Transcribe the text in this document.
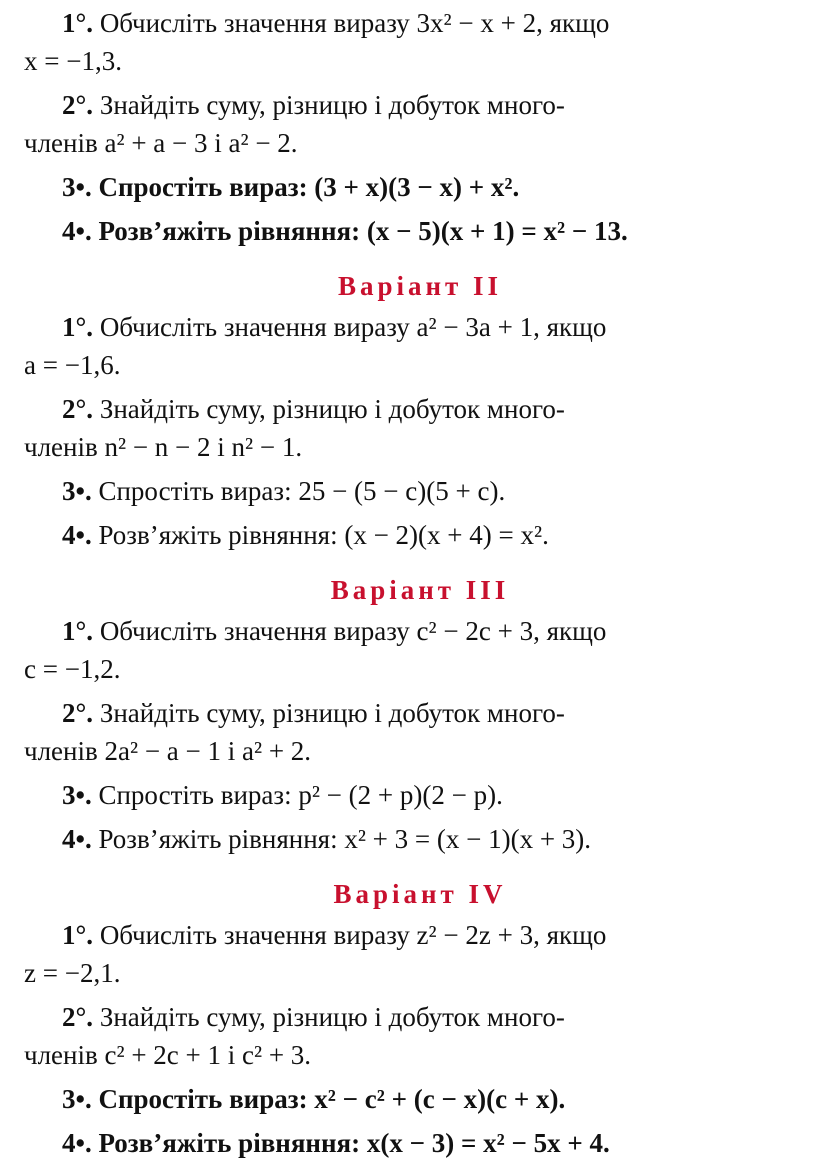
1°. Обчисліть значення виразу 3x² − x + 2, якщо
x = −1,3.

2°. Знайдіть суму, різницю і добуток много-
членів a² + a − 3 і a² − 2.

3•. Спростіть вираз: (3 + x)(3 − x) + x².

4•. Розв’яжіть рівняння: (x − 5)(x + 1) = x² − 13.

Варіант ІІ

1°. Обчисліть значення виразу a² − 3a + 1, якщо
a = −1,6.

2°. Знайдіть суму, різницю і добуток много-
членів n² − n − 2 і n² − 1.

3•. Спростіть вираз: 25 − (5 − c)(5 + c).

4•. Розв’яжіть рівняння: (x − 2)(x + 4) = x².

Варіант ІІІ

1°. Обчисліть значення виразу c² − 2c + 3, якщо
c = −1,2.

2°. Знайдіть суму, різницю і добуток много-
членів 2a² − a − 1 і a² + 2.

3•. Спростіть вираз: p² − (2 + p)(2 − p).

4•. Розв’яжіть рівняння: x² + 3 = (x − 1)(x + 3).

Варіант IV

1°. Обчисліть значення виразу z² − 2z + 3, якщо
z = −2,1.

2°. Знайдіть суму, різницю і добуток много-
членів c² + 2c + 1 і c² + 3.

3•. Спростіть вираз: x² − c² + (c − x)(c + x).

4•. Розв’яжіть рівняння: x(x − 3) = x² − 5x + 4.
